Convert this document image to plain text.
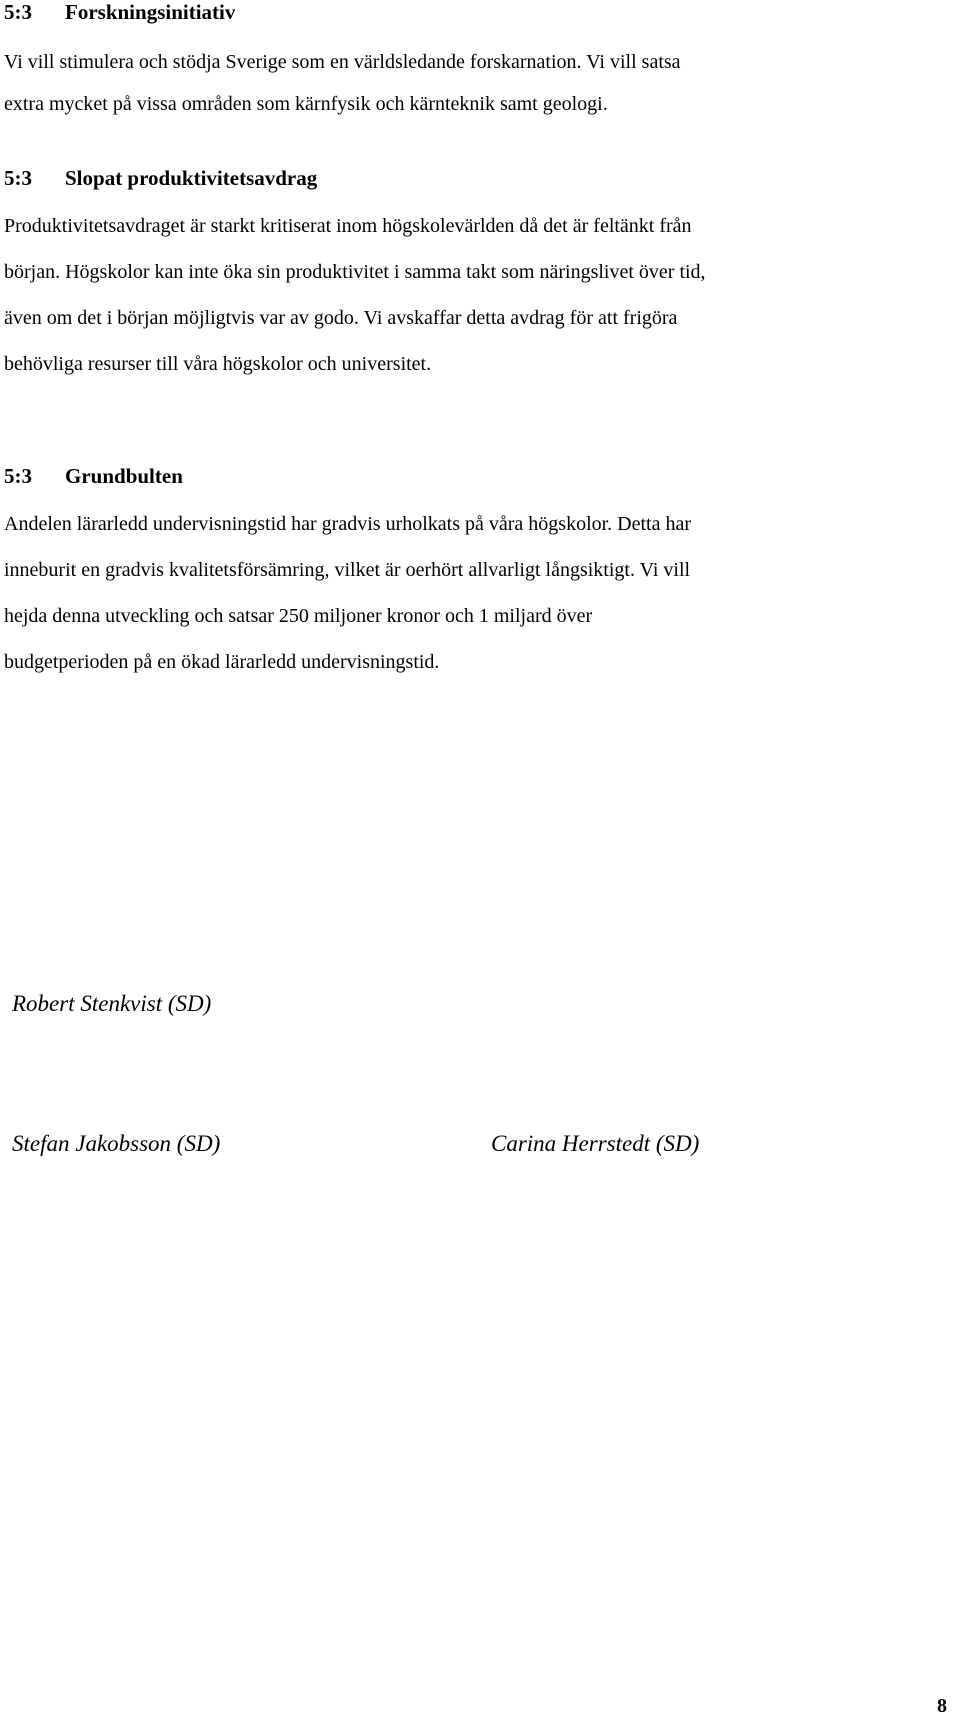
5:3 Forskningsinitiativ

Vi vill stimulera och stödja Sverige som en världsledande forskarnation. Vi vill satsa
extra mycket på vissa områden som kärnfysik och kärnteknik samt geologi.

5:3 Slopat produktivitetsavdrag

Produktivitetsavdraget är starkt kritiserat inom högskolevärlden då det är feltänkt från
början. Högskolor kan inte öka sin produktivitet i samma takt som näringslivet över tid,
även om det i början möjligtvis var av godo. Vi avskaffar detta avdrag för att frigöra
behövliga resurser till våra högskolor och universitet.

5:3 Grundbulten

Andelen lärarledd undervisningstid har gradvis urholkats på våra högskolor. Detta har
inneburit en gradvis kvalitetsförsämring, vilket är oerhört allvarligt långsiktigt. Vi vill
hejda denna utveckling och satsar 250 miljoner kronor och 1 miljard över
budgetperioden på en ökad lärarledd undervisningstid.

Robert Stenkvist (SD)
Stefan Jakobsson (SD)	Carina Herrstedt (SD)
8
